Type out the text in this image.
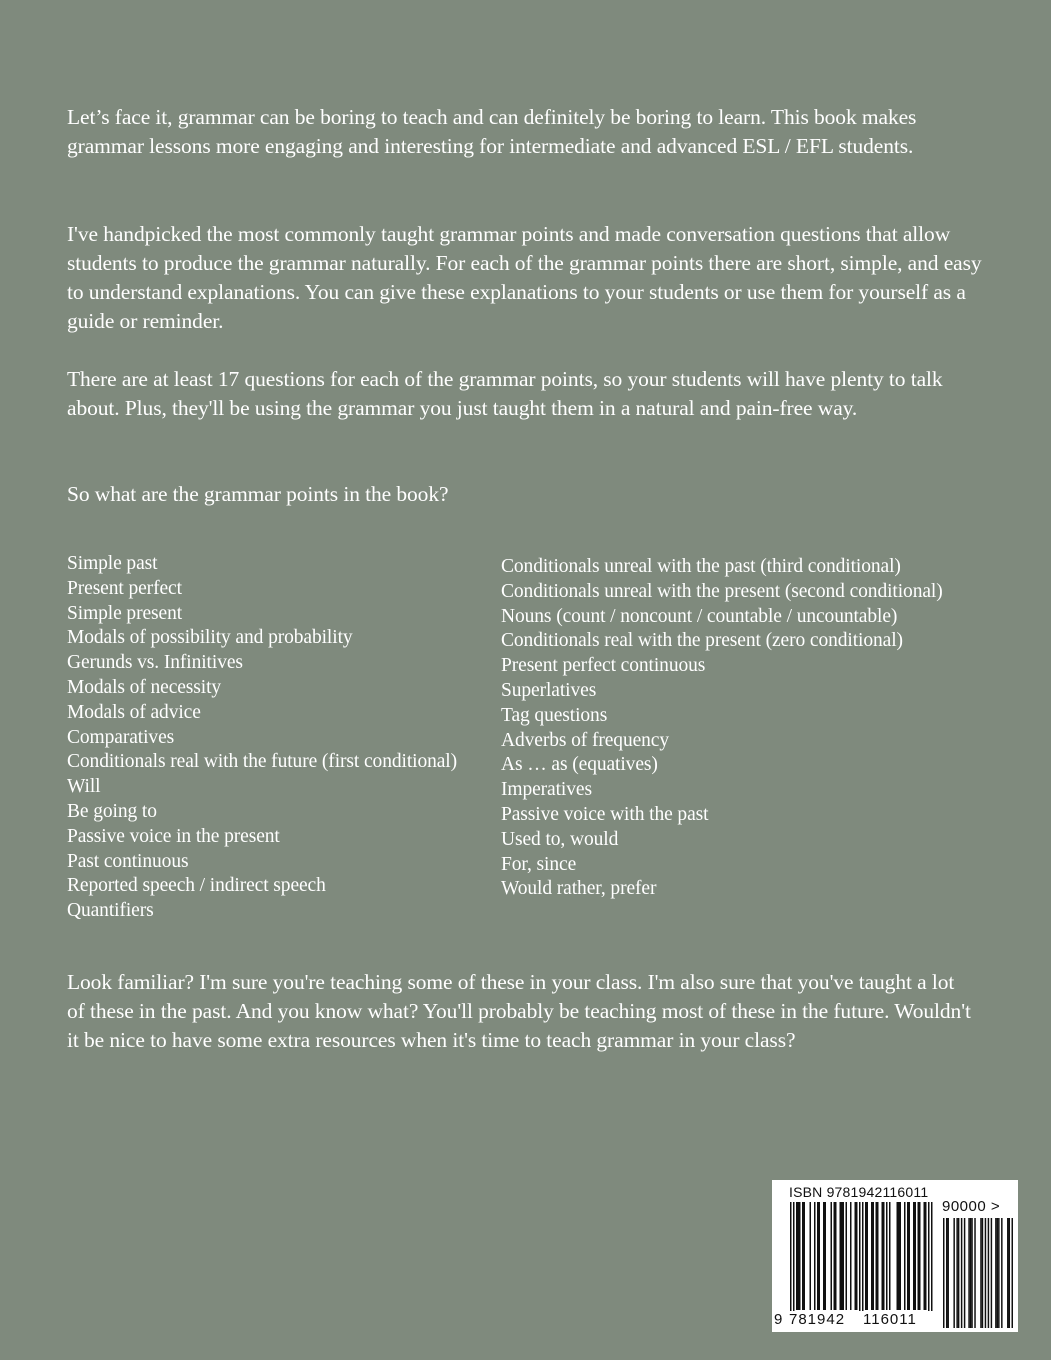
Let’s face it, grammar can be boring to teach and can definitely be boring to learn. This book makes grammar lessons more engaging and interesting for intermediate and advanced ESL / EFL students.

I've handpicked the most commonly taught grammar points and made conversation questions that allow students to produce the grammar naturally. For each of the grammar points there are short, simple, and easy to understand explanations. You can give these explanations to your students or use them for yourself as a guide or reminder.

There are at least 17 questions for each of the grammar points, so your students will have plenty to talk about. Plus, they'll be using the grammar you just taught them in a natural and pain-free way.

So what are the grammar points in the book?

Simple past
Present perfect
Simple present
Modals of possibility and probability
Gerunds vs. Infinitives
Modals of necessity
Modals of advice
Comparatives
Conditionals real with the future (first conditional)
Will
Be going to
Passive voice in the present
Past continuous
Reported speech / indirect speech
Quantifiers
Conditionals unreal with the past (third conditional)
Conditionals unreal with the present (second conditional)
Nouns (count / noncount / countable / uncountable)
Conditionals real with the present (zero conditional)
Present perfect continuous
Superlatives
Tag questions
Adverbs of frequency
As … as (equatives)
Imperatives
Passive voice with the past
Used to, would
For, since
Would rather, prefer

Look familiar? I'm sure you're teaching some of these in your class. I'm also sure that you've taught a lot of these in the past. And you know what? You'll probably be teaching most of these in the future. Wouldn't it be nice to have some extra resources when it's time to teach grammar in your class?

ISBN 9781942116011
90000 >
9 781942	116011
